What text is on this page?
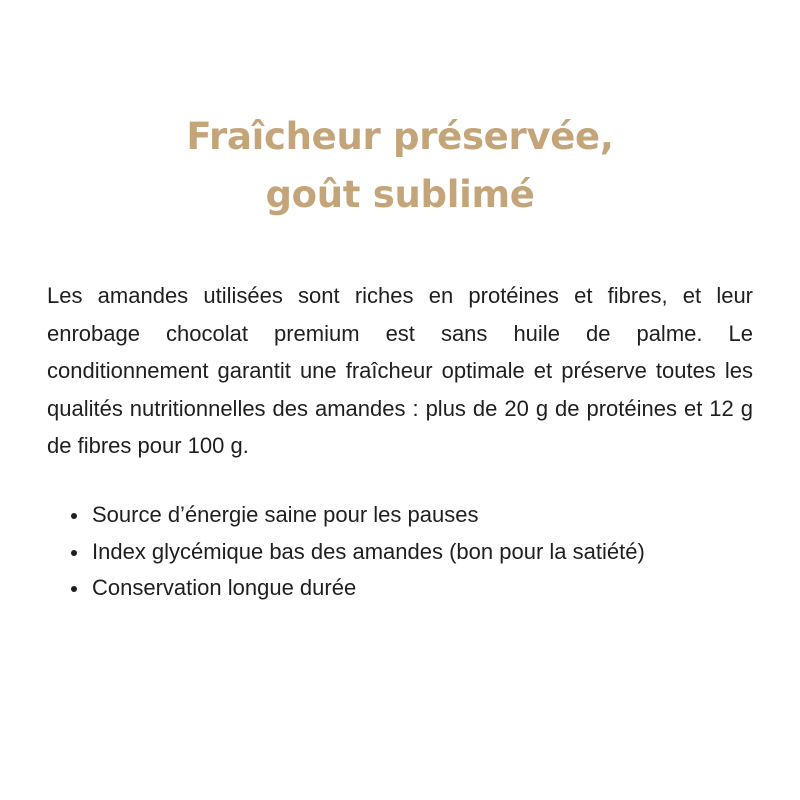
Fraîcheur préservée,
goût sublimé

Les amandes utilisées sont riches en protéines et fibres, et leur enrobage chocolat premium est sans huile de palme. Le conditionnement garantit une fraîcheur optimale et préserve toutes les qualités nutritionnelles des amandes : plus de 20 g de protéines et 12 g de fibres pour 100 g.

Source d’énergie saine pour les pauses
Index glycémique bas des amandes (bon pour la satiété)
Conservation longue durée
